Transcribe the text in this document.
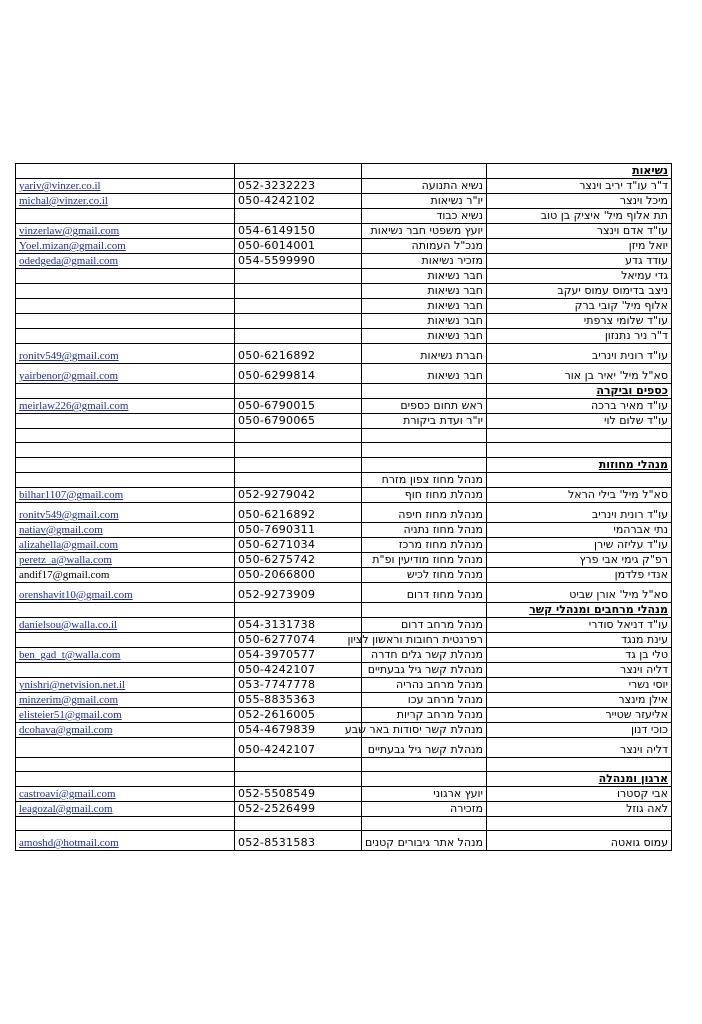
			נשיאות
yariv@vinzer.co.il	052-3232223	נשיא התנועה	ד"ר עו"ד יריב וינצר
michal@vinzer.co.il	050-4242102	יו"ר נשיאות	מיכל וינצר
		נשיא כבוד	תת אלוף מיל' איציק בן טוב
vinzerlaw@gmail.com	054-6149150	יועץ משפטי חבר נשיאות	עו"ד אדם וינצר
Yoel.mizan@gmail.com	050-6014001	מנכ"ל העמותה	יואל מיזן
odedgeda@gmail.com	054-5599990	מזכיר נשיאות	עודד גדע
		חבר נשיאות	גדי עמיאל
		חבר נשיאות	ניצב בדימוס עמוס יעקב
		חבר נשיאות	אלוף מיל' קובי ברק
		חבר נשיאות	עו"ד שלומי צרפתי
		חבר נשיאות	ד"ר ניר נתנזון
ronitv549@gmail.com	050-6216892	חברת נשיאות	עו"ד רונית וינריב
yairbenor@gmail.com	050-6299814	חבר נשיאות	סא"ל מיל' יאיר בן אור
			כספים וביקרה
meirlaw226@gmail.com	050-6790015	ראש תחום כספים	עו"ד מאיר ברכה
	050-6790065	יו"ר ועדת ביקורת	עו"ד שלום לוי

			מנהלי מחוזות
		מנהל מחוז צפון מזרח	
bilhar1107@gmail.com	052-9279042	מנהלת מחוז חוף	סא"ל מיל' בילי הראל
ronitv549@gmail.com	050-6216892	מנהלת מחוז חיפה	עו"ד רונית וינריב
natiav@gmail.com	050-7690311	מנהל מחוז נתניה	נתי אברהמי
alizahella@gmail.com	050-6271034	מנהלת מחוז מרכז	עו"ד עליזה שירן
peretz_a@walla.com	050-6275742	מנהל מחוז מודיעין ופ"ת	רפ"ק גימי אבי פרץ
andif17@gmail.com	050-2066800	מנהל מחוז לכיש	אנדי פלדמן
orenshavit10@gmail.com	052-9273909	מנהל מחוז דרום	סא"ל מיל' אורן שביט
			מנהלי מרחבים ומנהלי קשר
danielsou@walla.co.il	054-3131738	מנהל מרחב דרום	עו"ד דניאל סודרי
	050-6277074	רפרנטית רחובות וראשון לציון	עינת מנגד
ben_gad_t@walla.com	054-3970577	מנהלת קשר גלים חדרה	טלי בן גד
	050-4242107	מנהלת קשר גיל גבעתיים	דליה וינצר
ynishri@netvision.net.il	053-7747778	מנהל מרחב נהריה	יוסי נשרי
minzerim@gmail.com	055-8835363	מנהל מרחב עכו	אילן מינצר
elisteier51@gmail.com	052-2616005	מנהל מרחב קריות	אליעזר שטייר
dcohava@gmail.com	054-4679839	מנהלת קשר יסודות באר שבע	כוכי דנון
	050-4242107	מנהלת קשר גיל גבעתיים	דליה וינצר

			ארגון ומנהלה
castroavi@gmail.com	052-5508549	יועץ ארגוני	אבי קסטרו
leagozal@gmail.com	052-2526499	מזכירה	לאה גוזל

amoshd@hotmail.com	052-8531583	מנהל אתר גיבורים קטנים	עמוס גואטה
